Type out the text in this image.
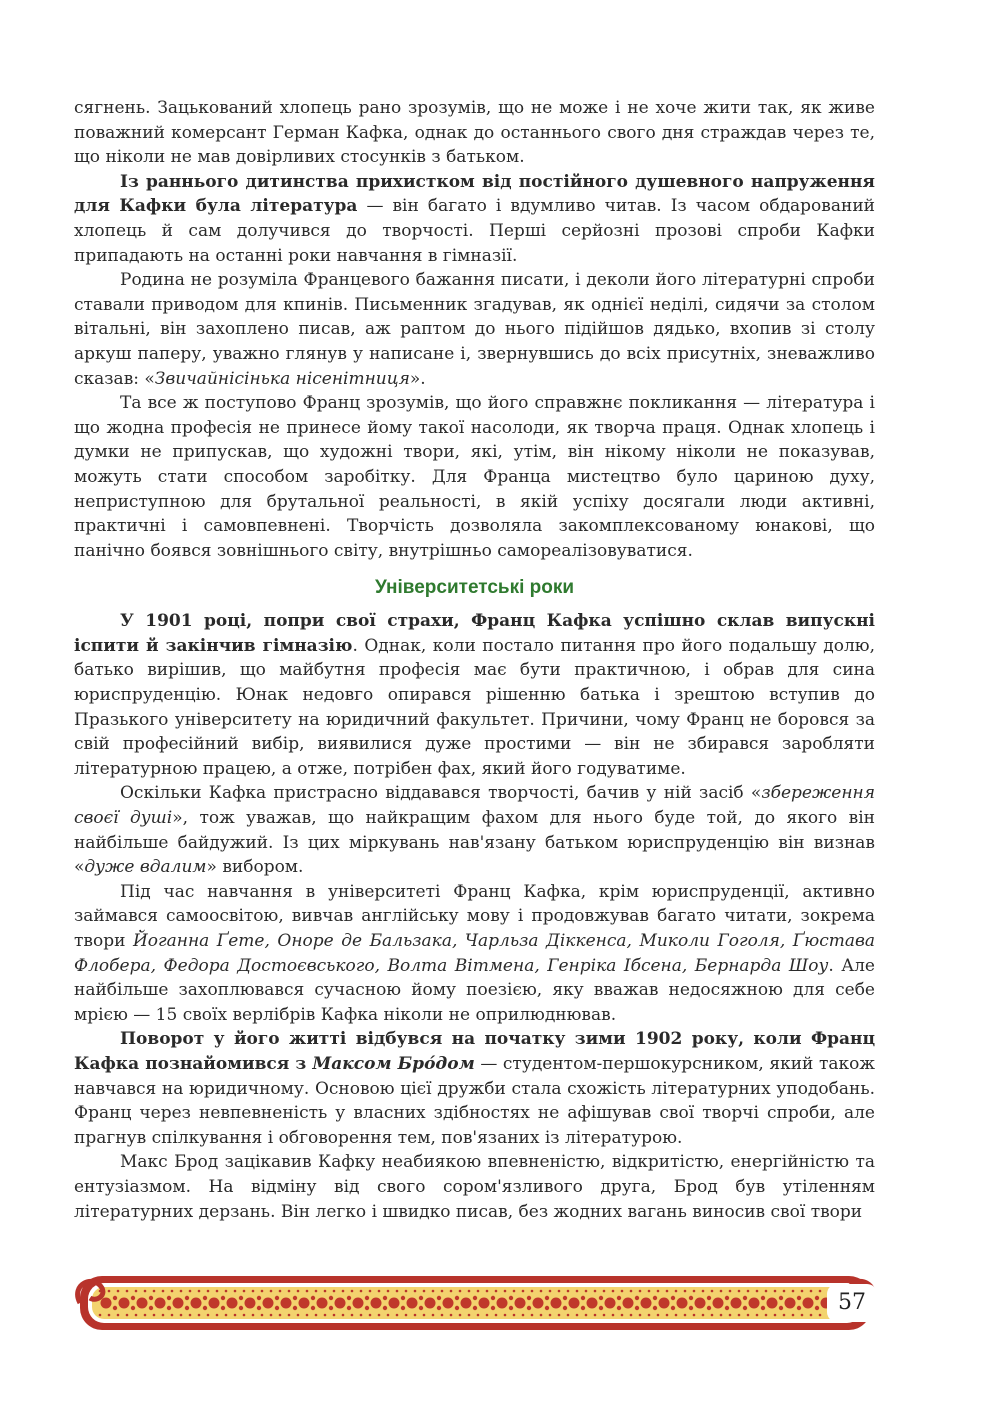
сягнень. Зацькований хлопець рано зрозумів, що не може і не хоче жити так, як живе поважний комерсант Герман Кафка, однак до останнього свого дня страждав через те, що ніколи не мав довірливих стосунків з батьком.

Із раннього дитинства прихистком від постійного душевного напруження для Кафки була література — він багато і вдумливо читав. Із часом обдарований хлопець й сам долучився до творчості. Перші серйозні прозові спроби Кафки припадають на останні роки навчання в гімназії.

Родина не розуміла Францевого бажання писати, і деколи його літературні спроби ставали приводом для кпинів. Письменник згадував, як однієї неділі, сидячи за столом вітальні, він захоплено писав, аж раптом до нього підійшов дядько, вхопив зі столу аркуш паперу, уважно глянув у написане і, звернувшись до всіх присутніх, зневажливо сказав: «Звичайнісінька нісенітниця».

Та все ж поступово Франц зрозумів, що його справжнє покликання — література і що жодна професія не принесе йому такої насолоди, як творча праця. Однак хлопець і думки не припускав, що художні твори, які, утім, він нікому ніколи не показував, можуть стати способом заробітку. Для Франца мистецтво було цариною духу, неприступною для брутальної реальності, в якій успіху досягали люди активні, практичні і самовпевнені. Творчість дозволяла закомплексованому юнакові, що панічно боявся зовнішнього світу, внутрішньо самореалізовуватися.

Університетські роки

У 1901 році, попри свої страхи, Франц Кафка успішно склав випускні іспити й закінчив гімназію. Однак, коли постало питання про його подальшу долю, батько вирішив, що майбутня професія має бути практичною, і обрав для сина юриспруденцію. Юнак недовго опирався рішенню батька і зрештою вступив до Празького університету на юридичний факультет. Причини, чому Франц не боровся за свій професійний вибір, виявилися дуже простими — він не збирався заробляти літературною працею, а отже, потрібен фах, який його годуватиме.

Оскільки Кафка пристрасно віддавався творчості, бачив у ній засіб «збереження своєї душі», тож уважав, що найкращим фахом для нього буде той, до якого він найбільше байдужий. Із цих міркувань нав'язану батьком юриспруденцію він визнав «дуже вдалим» вибором.

Під час навчання в університеті Франц Кафка, крім юриспруденції, активно займався самоосвітою, вивчав англійську мову і продовжував багато читати, зокрема твори Йоганна Ґете, Оноре де Бальзака, Чарльза Діккенса, Миколи Гоголя, Ґюстава Флобера, Федора Достоєвського, Волта Вітмена, Генріка Ібсена, Бернарда Шоу. Але найбільше захоплювався сучасною йому поезією, яку вважав недосяжною для себе мрією — 15 своїх верлібрів Кафка ніколи не оприлюднював.

Поворот у його житті відбувся на початку зими 1902 року, коли Франц Кафка познайомився з Максом Бро́дом — студентом-першокурсником, який також навчався на юридичному. Основою цієї дружби стала схожість літературних уподобань. Франц через невпевненість у власних здібностях не афішував свої творчі спроби, але прагнув спілкування і обговорення тем, пов'язаних із літературою.

Макс Брод зацікавив Кафку неабиякою впевненістю, відкритістю, енергійністю та ентузіазмом. На відміну від свого сором'язливого друга, Брод був утіленням літературних дерзань. Він легко і швидко писав, без жодних вагань виносив свої твори

57
